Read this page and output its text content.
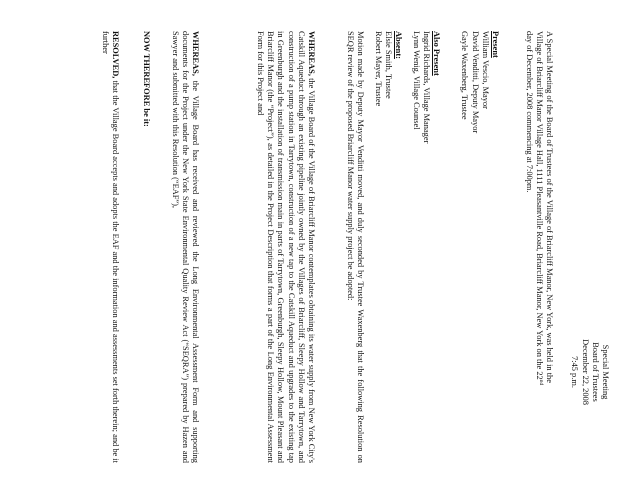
Special Meeting
Board of Trustees
December 22, 2008
7:45 p.m.

A Special Meeting of the Board of Trustees of the Village of Briarcliff Manor, New York, was held in the Village of Briarcliff Manor Village Hall, 1111 Pleasantville Road, Briarcliff Manor, New York on the 22nd day of December, 2008 commencing at 7:00pm.

Present
William Vescio, Mayor
David Venditti, Deputy Mayor
Gayle Waxenberg, Trustee
Also Present
Ingrid Richards, Village Manager
Lynn Wenig, Village Counsel
Absent:
Elsie Smith, Trustee
Robert Mayer, Trustee

Motion made by Deputy Mayor Venditti moved, and duly seconded by Trustee Waxenberg that the following Resolution on SEQR review of the proposed Briarcliff Manor water supply project be adopted:

WHEREAS, the Village Board of the Village of Briarcliff Manor contemplates obtaining its water supply from New York City's Catskill Aqueduct through an existing pipeline jointly owned by the Villages of Briarcliff, Sleepy Hollow and Tarrytown, and construction of a pump station in Tarrytown, construction of a new tap to the Catskill Aqueduct and upgrades to the existing tap in Greenburgh and the installation of transmission main in parts of Tarrytown, Greenburgh, Sleepy Hollow, Mount Pleasant and Briarcliff Manor (the “Project”), as detailed in the Project Description that forms a part of the Long Environmental Assessment Form for this Project and

WHEREAS, the Village Board has received and reviewed the Long Environmental Assessment Form and supporting documents for the Project under the New York State Environmental Quality Review Act (“SEQRA”) prepared by Hazen and Sawyer and submitted with this Resolution (“EAF”),

NOW THEREFORE be it:

RESOLVED, that the Village Board accepts and adopts the EAF and the information and assessments set forth therein; and be it further
